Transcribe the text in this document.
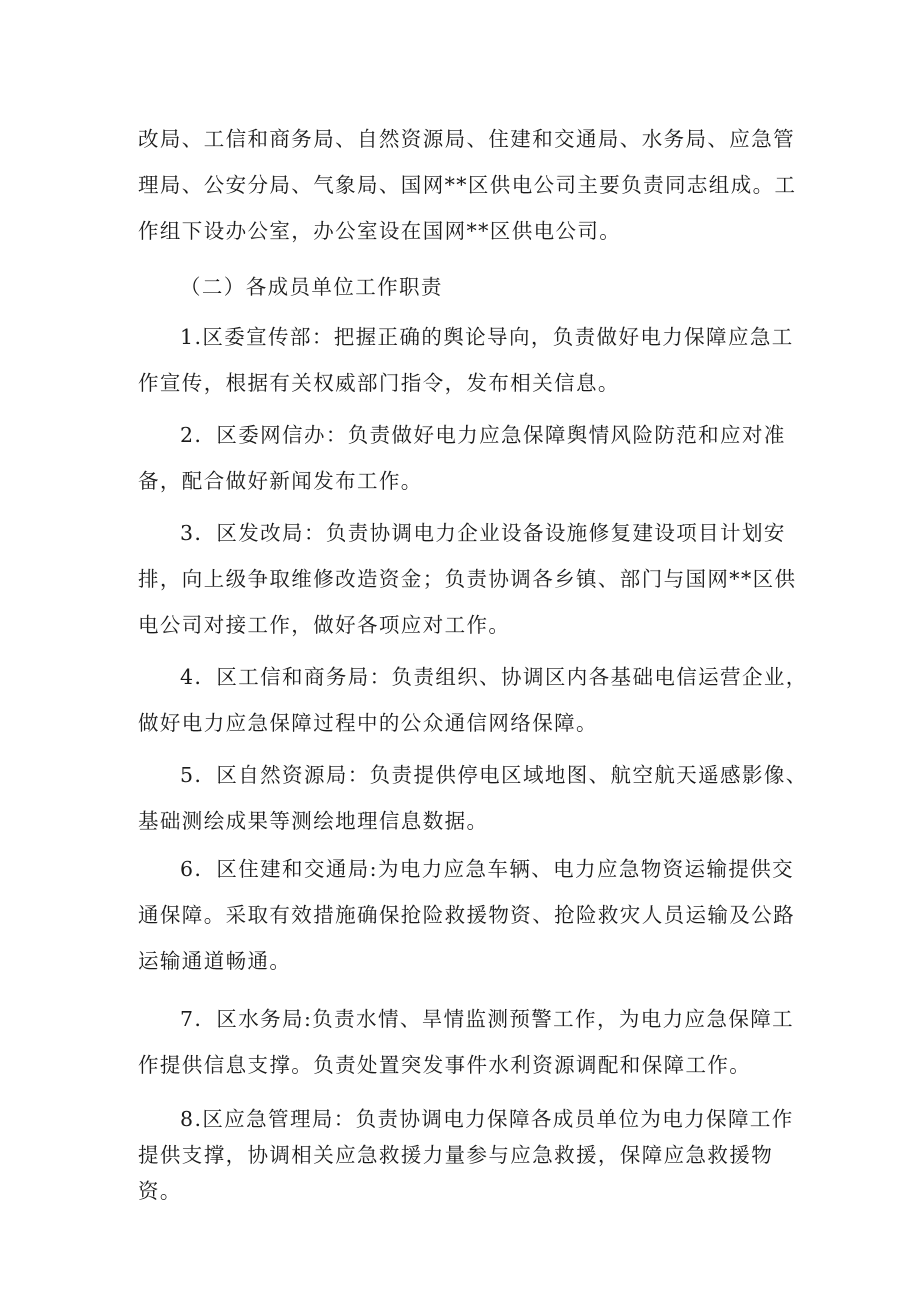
改局、工信和商务局、自然资源局、住建和交通局、水务局、应急管理局、公安分局、气象局、国网**区供电公司主要负责同志组成。工作组下设办公室，办公室设在国网**区供电公司。

（二）各成员单位工作职责

1.区委宣传部：把握正确的舆论导向，负责做好电力保障应急工作宣传，根据有关权威部门指令，发布相关信息。

2．区委网信办：负责做好电力应急保障舆情风险防范和应对准备，配合做好新闻发布工作。

3．区发改局：负责协调电力企业设备设施修复建设项目计划安排，向上级争取维修改造资金；负责协调各乡镇、部门与国网**区供电公司对接工作，做好各项应对工作。

4．区工信和商务局：负责组织、协调区内各基础电信运营企业，做好电力应急保障过程中的公众通信网络保障。

5．区自然资源局：负责提供停电区域地图、航空航天遥感影像、基础测绘成果等测绘地理信息数据。

6．区住建和交通局:为电力应急车辆、电力应急物资运输提供交通保障。采取有效措施确保抢险救援物资、抢险救灾人员运输及公路运输通道畅通。

7．区水务局:负责水情、旱情监测预警工作，为电力应急保障工作提供信息支撑。负责处置突发事件水利资源调配和保障工作。

8.区应急管理局：负责协调电力保障各成员单位为电力保障工作提供支撑，协调相关应急救援力量参与应急救援，保障应急救援物资。
